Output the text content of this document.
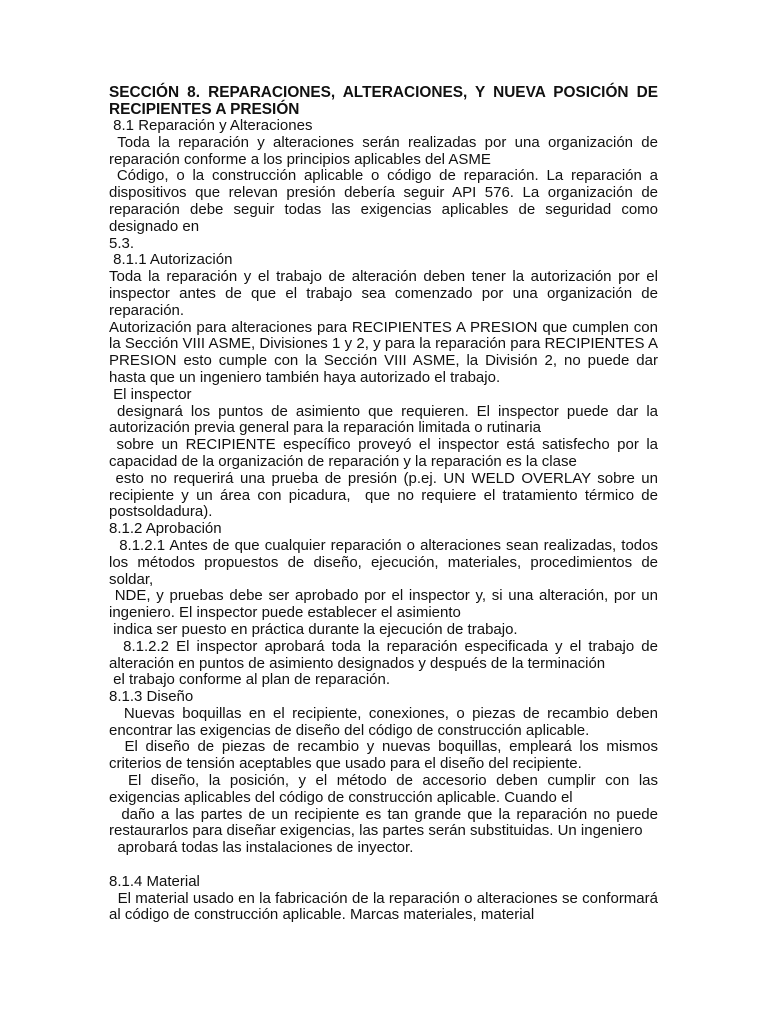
SECCIÓN 8. REPARACIONES, ALTERACIONES, Y NUEVA POSICIÓN DE RECIPIENTES A PRESIÓN

8.1 Reparación y Alteraciones

Toda la reparación y alteraciones serán realizadas por una organización de reparación conforme a los principios aplicables del ASME

Código, o la construcción aplicable o código de reparación. La reparación a dispositivos que relevan presión debería seguir API 576. La organización de reparación debe seguir todas las exigencias aplicables de seguridad como designado en

5.3.

8.1.1 Autorización

Toda la reparación y el trabajo de alteración deben tener la autorización por el inspector antes de que el trabajo sea comenzado por una organización de reparación.

Autorización para alteraciones para RECIPIENTES A PRESION que cumplen con la Sección VIII ASME, Divisiones 1 y 2, y para la reparación para RECIPIENTES A PRESION esto cumple con la Sección VIII ASME, la División 2, no puede dar hasta que un ingeniero también haya autorizado el trabajo.

El inspector

designará los puntos de asimiento que requieren. El inspector puede dar la autorización previa general para la reparación limitada o rutinaria

sobre un RECIPIENTE específico proveyó el inspector está satisfecho por la capacidad de la organización de reparación y la reparación es la clase

esto no requerirá una prueba de presión (p.ej. UN WELD OVERLAY sobre un recipiente y un área con picadura,  que no requiere el tratamiento térmico de postsoldadura).

8.1.2 Aprobación

8.1.2.1 Antes de que cualquier reparación o alteraciones sean realizadas, todos los métodos propuestos de diseño, ejecución, materiales, procedimientos de soldar,

NDE, y pruebas debe ser aprobado por el inspector y, si una alteración, por un ingeniero. El inspector puede establecer el asimiento

indica ser puesto en práctica durante la ejecución de trabajo.

8.1.2.2 El inspector aprobará toda la reparación especificada y el trabajo de alteración en puntos de asimiento designados y después de la terminación

el trabajo conforme al plan de reparación.

8.1.3 Diseño

Nuevas boquillas en el recipiente, conexiones, o piezas de recambio deben encontrar las exigencias de diseño del código de construcción aplicable.

El diseño de piezas de recambio y nuevas boquillas, empleará los mismos criterios de tensión aceptables que usado para el diseño del recipiente.

El diseño, la posición, y el método de accesorio deben cumplir con las exigencias aplicables del código de construcción aplicable. Cuando el

daño a las partes de un recipiente es tan grande que la reparación no puede restaurarlos para diseñar exigencias, las partes serán substituidas. Un ingeniero

aprobará todas las instalaciones de inyector.

8.1.4 Material

El material usado en la fabricación de la reparación o alteraciones se conformará al código de construcción aplicable. Marcas materiales, material
